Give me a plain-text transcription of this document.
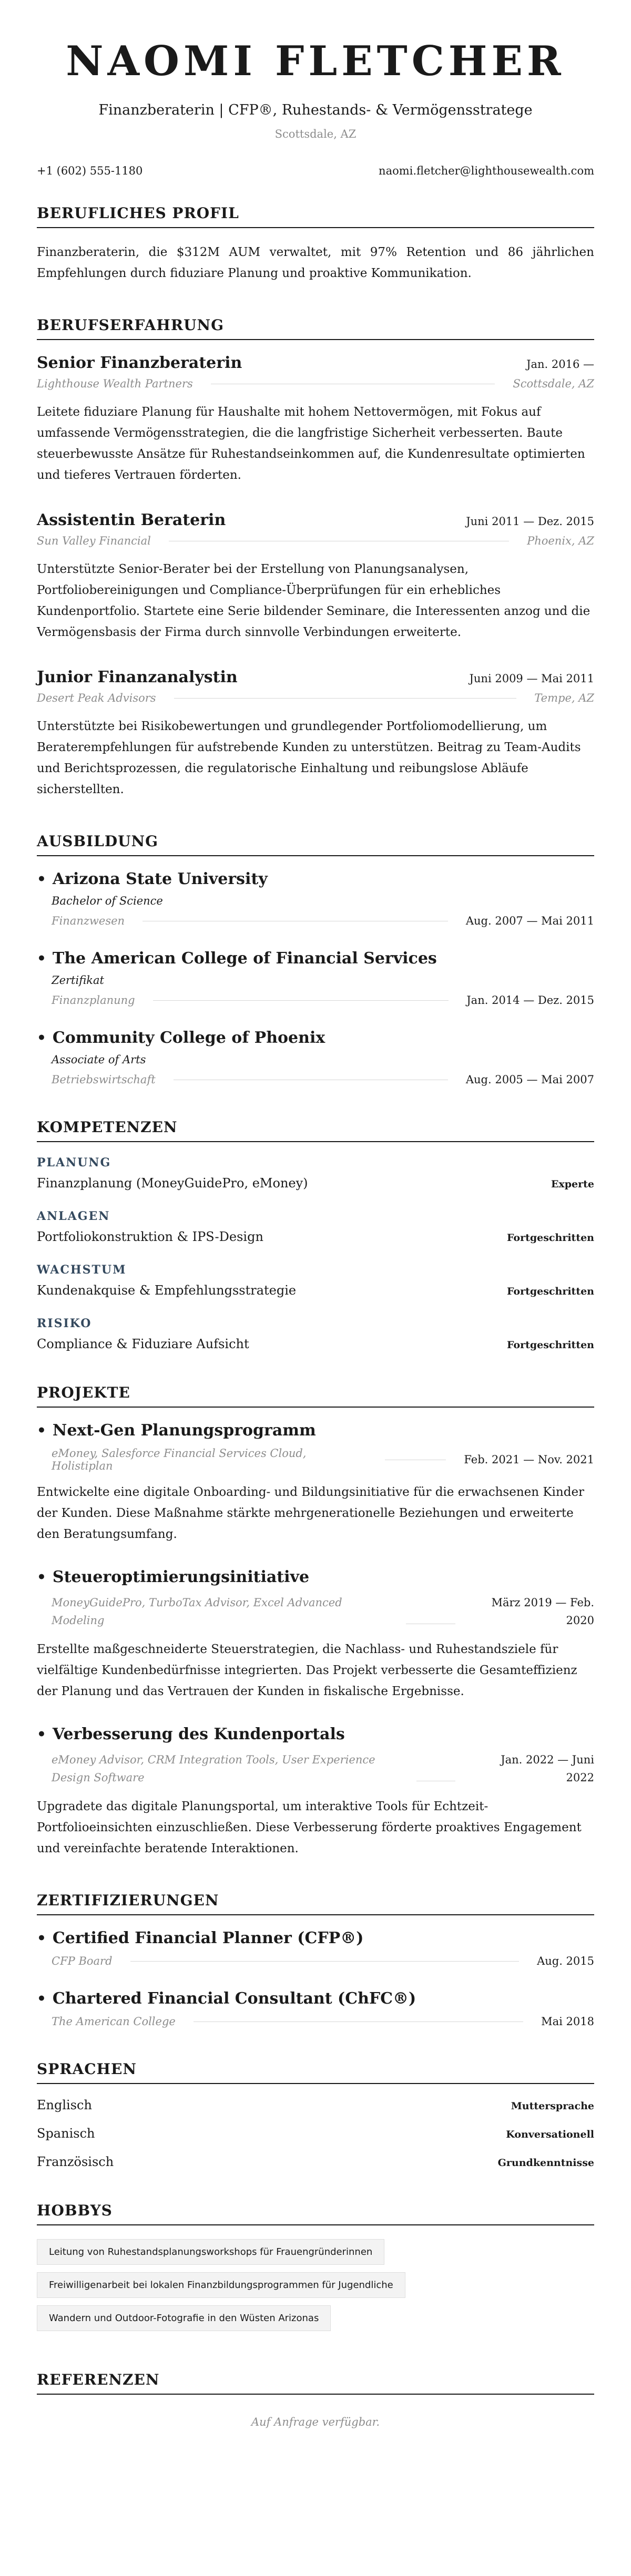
NAOMI FLETCHER
Finanzberaterin | CFP®, Ruhestands- & Vermögensstratege
Scottsdale, AZ
+1 (602) 555-1180	naomi.fletcher@lighthousewealth.com
BERUFLICHES PROFIL
Finanzberaterin, die $312M AUM verwaltet, mit 97% Retention und 86 jährlichen Empfehlungen durch fiduziare Planung und proaktive Kommunikation.
BERUFSERFAHRUNG
Senior Finanzberaterin	Jan. 2016 —
Lighthouse Wealth Partners	Scottsdale, AZ
Leitete fiduziare Planung für Haushalte mit hohem Nettovermögen, mit Fokus auf umfassende Vermögensstrategien, die die langfristige Sicherheit verbesserten. Baute steuerbewusste Ansätze für Ruhestandseinkommen auf, die Kundenresultate optimierten und tieferes Vertrauen förderten.
Assistentin Beraterin	Juni 2011 — Dez. 2015
Sun Valley Financial	Phoenix, AZ
Unterstützte Senior-Berater bei der Erstellung von Planungsanalysen, Portfoliobereinigungen und Compliance-Überprüfungen für ein erhebliches Kundenportfolio. Startete eine Serie bildender Seminare, die Interessenten anzog und die Vermögensbasis der Firma durch sinnvolle Verbindungen erweiterte.
Junior Finanzanalystin	Juni 2009 — Mai 2011
Desert Peak Advisors	Tempe, AZ
Unterstützte bei Risikobewertungen und grundlegender Portfoliomodellierung, um Beraterempfehlungen für aufstrebende Kunden zu unterstützen. Beitrag zu Team-Audits und Berichtsprozessen, die regulatorische Einhaltung und reibungslose Abläufe sicherstellten.
AUSBILDUNG
• Arizona State University
Bachelor of Science
Finanzwesen	Aug. 2007 — Mai 2011
• The American College of Financial Services
Zertifikat
Finanzplanung	Jan. 2014 — Dez. 2015
• Community College of Phoenix
Associate of Arts
Betriebswirtschaft	Aug. 2005 — Mai 2007
KOMPETENZEN
PLANUNG
Finanzplanung (MoneyGuidePro, eMoney)	Experte
ANLAGEN
Portfoliokonstruktion & IPS-Design	Fortgeschritten
WACHSTUM
Kundenakquise & Empfehlungsstrategie	Fortgeschritten
RISIKO
Compliance & Fiduziare Aufsicht	Fortgeschritten
PROJEKTE
• Next-Gen Planungsprogramm
eMoney, Salesforce Financial Services Cloud, Holistiplan	Feb. 2021 — Nov. 2021
Entwickelte eine digitale Onboarding- und Bildungsinitiative für die erwachsenen Kinder der Kunden. Diese Maßnahme stärkte mehrgenerationelle Beziehungen und erweiterte den Beratungsumfang.
• Steueroptimierungsinitiative
MoneyGuidePro, TurboTax Advisor, Excel Advanced Modeling
März 2019 — Feb. 2020
Erstellte maßgeschneiderte Steuerstrategien, die Nachlass- und Ruhestandsziele für vielfältige Kundenbedürfnisse integrierten. Das Projekt verbesserte die Gesamteffizienz der Planung und das Vertrauen der Kunden in fiskalische Ergebnisse.
• Verbesserung des Kundenportals
eMoney Advisor, CRM Integration Tools, User Experience Design Software
Jan. 2022 — Juni 2022
Upgradete das digitale Planungsportal, um interaktive Tools für Echtzeit-Portfolioeinsichten einzuschließen. Diese Verbesserung förderte proaktives Engagement und vereinfachte beratende Interaktionen.
ZERTIFIZIERUNGEN
• Certified Financial Planner (CFP®)
CFP Board	Aug. 2015
• Chartered Financial Consultant (ChFC®)
The American College	Mai 2018
SPRACHEN
Englisch	Muttersprache
Spanisch	Konversationell
Französisch	Grundkenntnisse
HOBBYS
Leitung von Ruhestandsplanungsworkshops für Frauengründerinnen
Freiwilligenarbeit bei lokalen Finanzbildungsprogrammen für Jugendliche
Wandern und Outdoor-Fotografie in den Wüsten Arizonas
REFERENZEN
Auf Anfrage verfügbar.
